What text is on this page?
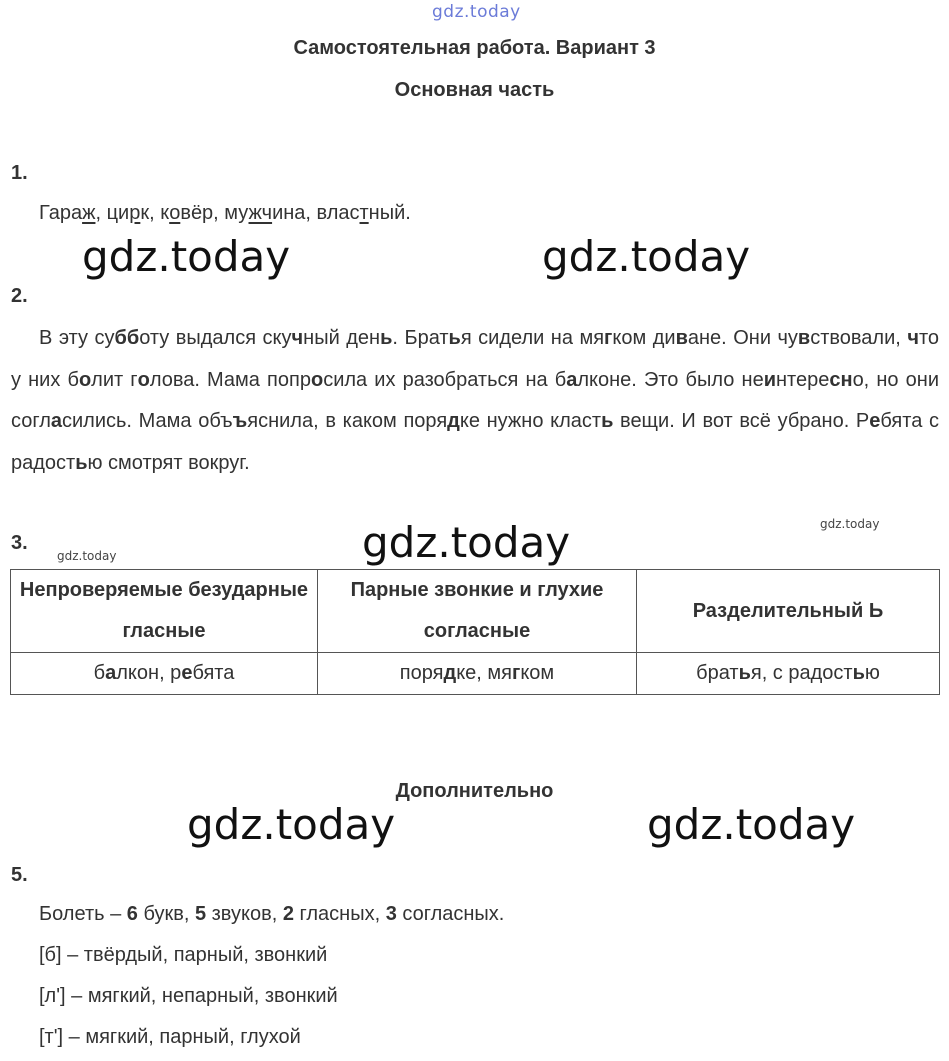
gdz.today
gdz.today	gdz.today
gdz.today
gdz.today	gdz.today
gdz.today
gdz.today
Самостоятельная работа. Вариант 3
Основная часть
1.
Гараж, цирк, ковёр, мужчина, властный.
2.
В эту субботу выдался скучный день. Братья сидели на мягком диване. Они чувствовали, что у них болит голова. Мама попросила их разобраться на балконе. Это было неинтересно, но они согласились. Мама объъяснила, в каком порядке нужно класть вещи. И вот всё убрано. Ребята с радостью смотрят вокруг.
3.
Непроверяемые безударные гласные	Парные звонкие и глухие согласные	Разделительный Ь
балкон, ребята	порядке, мягком	братья, с радостью
Дополнительно
5.
Болеть – 6 букв, 5 звуков, 2 гласных, 3 согласных.
[б] – твёрдый, парный, звонкий
[л'] – мягкий, непарный, звонкий
[т'] – мягкий, парный, глухой
